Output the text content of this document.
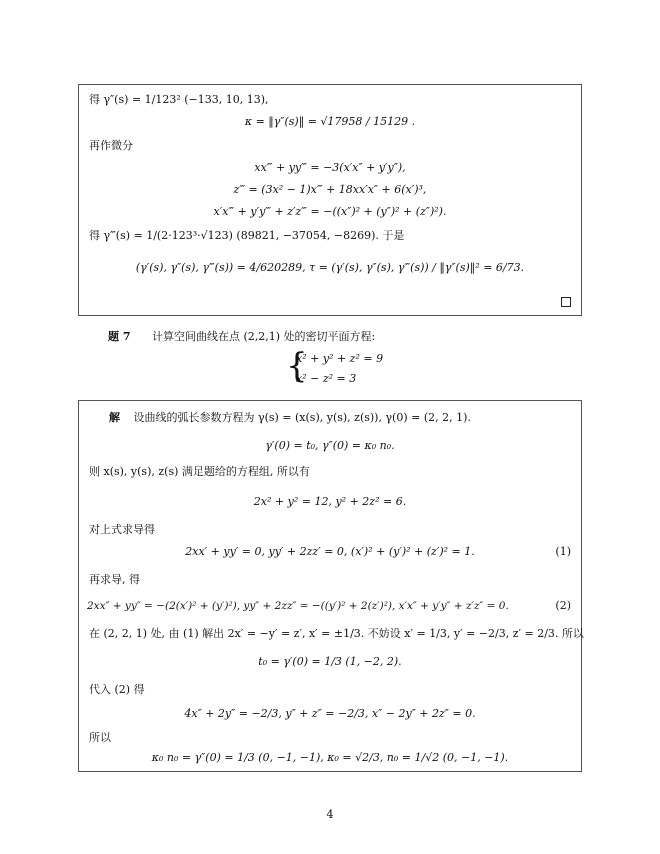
得 γ″(s) = 1/123² (−133, 10, 13),
κ = ‖γ″(s)‖ = √17958 / 15129 .
再作微分
xx‴ + yy‴ = −3(x′x″ + y′y″),
z‴ = (3x² − 1)x‴ + 18xx′x″ + 6(x′)³,
x′x‴ + y′y‴ + z′z‴ = −((x″)² + (y″)² + (z″)²).
得 γ‴(s) = 1/(2·123³·√123) (89821, −37054, −8269). 于是
(γ′(s), γ″(s), γ‴(s)) = 4/620289, τ = (γ′(s), γ″(s), γ‴(s)) / ‖γ″(s)‖² = 6/73.
题 7 计算空间曲线在点 (2,2,1) 处的密切平面方程:
{
x² + y² + z² = 9
x² − z² = 3
解 设曲线的弧长参数方程为 γ(s) = (x(s), y(s), z(s)), γ(0) = (2, 2, 1).
γ′(0) = t₀, γ″(0) = κ₀ n₀.
则 x(s), y(s), z(s) 满足题给的方程组, 所以有
2x² + y² = 12, y² + 2z² = 6.
对上式求导得
2xx′ + yy′ = 0, yy′ + 2zz′ = 0, (x′)² + (y′)² + (z′)² = 1.	(1)
再求导, 得
2xx″ + yy″ = −(2(x′)² + (y′)²), yy″ + 2zz″ = −((y′)² + 2(z′)²), x′x″ + y′y″ + z′z″ = 0.	(2)
在 (2, 2, 1) 处, 由 (1) 解出 2x′ = −y′ = z′, x′ = ±1/3. 不妨设 x′ = 1/3, y′ = −2/3, z′ = 2/3. 所以
t₀ = γ′(0) = 1/3 (1, −2, 2).
代入 (2) 得
4x″ + 2y″ = −2/3, y″ + z″ = −2/3, x″ − 2y″ + 2z″ = 0.
所以
κ₀ n₀ = γ″(0) = 1/3 (0, −1, −1), κ₀ = √2/3, n₀ = 1/√2 (0, −1, −1).
4
